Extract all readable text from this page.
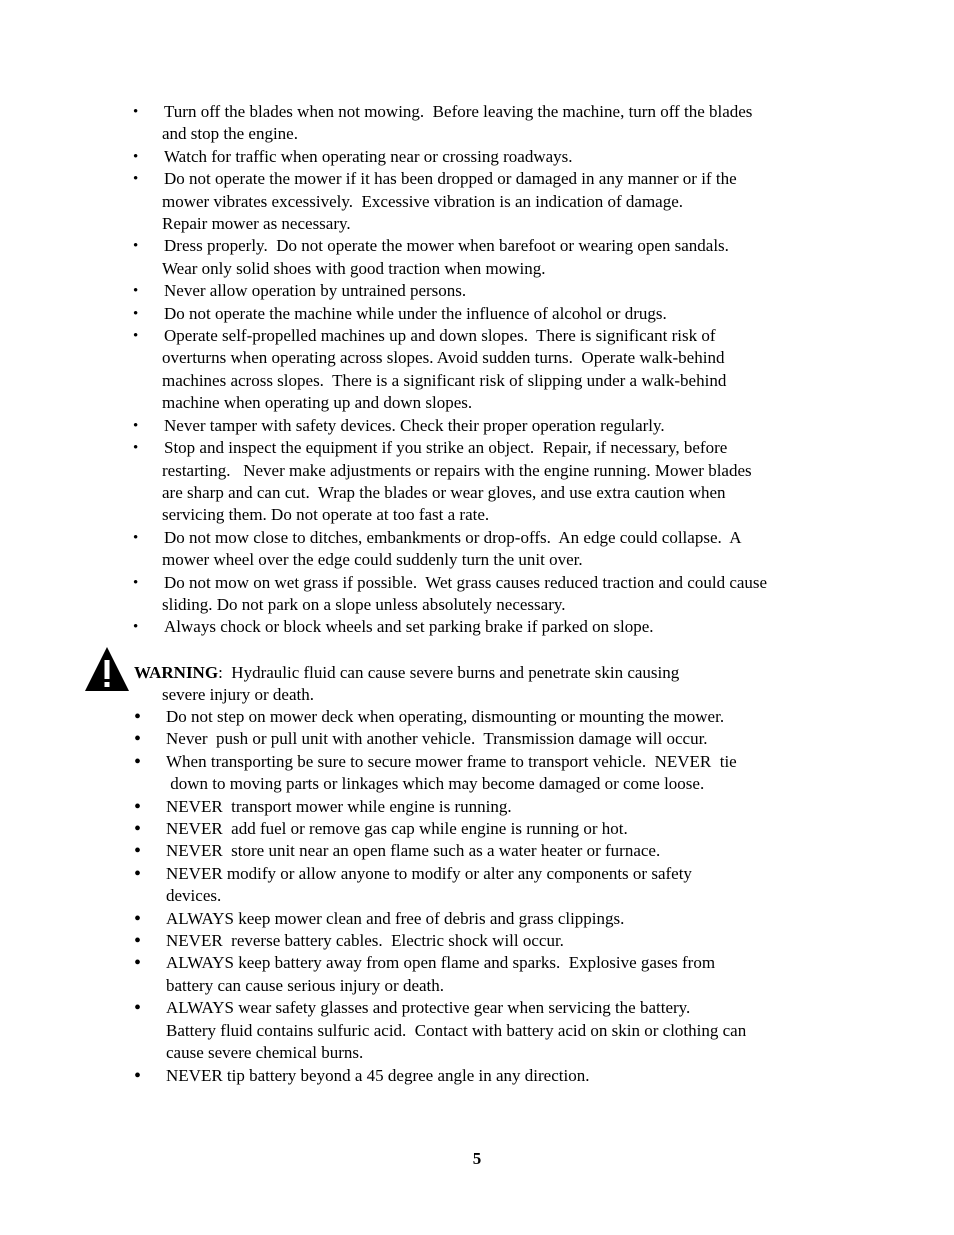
• Turn off the blades when not mowing.  Before leaving the machine, turn off the blades
and stop the engine.
• Watch for traffic when operating near or crossing roadways.
• Do not operate the mower if it has been dropped or damaged in any manner or if the
mower vibrates excessively.  Excessive vibration is an indication of damage.
Repair mower as necessary.
• Dress properly.  Do not operate the mower when barefoot or wearing open sandals.
Wear only solid shoes with good traction when mowing.
• Never allow operation by untrained persons.
• Do not operate the machine while under the influence of alcohol or drugs.
• Operate self-propelled machines up and down slopes.  There is significant risk of
overturns when operating across slopes. Avoid sudden turns.  Operate walk-behind
machines across slopes.  There is a significant risk of slipping under a walk-behind
machine when operating up and down slopes.
• Never tamper with safety devices. Check their proper operation regularly.
• Stop and inspect the equipment if you strike an object.  Repair, if necessary, before
restarting.   Never make adjustments or repairs with the engine running. Mower blades
are sharp and can cut.  Wrap the blades or wear gloves, and use extra caution when
servicing them. Do not operate at too fast a rate.
• Do not mow close to ditches, embankments or drop-offs.  An edge could collapse.  A
mower wheel over the edge could suddenly turn the unit over.
• Do not mow on wet grass if possible.  Wet grass causes reduced traction and could cause
sliding. Do not park on a slope unless absolutely necessary.
• Always chock or block wheels and set parking brake if parked on slope.
WARNING:  Hydraulic fluid can cause severe burns and penetrate skin causing
severe injury or death.
• Do not step on mower deck when operating, dismounting or mounting the mower.
• Never  push or pull unit with another vehicle.  Transmission damage will occur.
• When transporting be sure to secure mower frame to transport vehicle.  NEVER  tie
down to moving parts or linkages which may become damaged or come loose.
• NEVER  transport mower while engine is running.
• NEVER  add fuel or remove gas cap while engine is running or hot.
• NEVER  store unit near an open flame such as a water heater or furnace.
• NEVER modify or allow anyone to modify or alter any components or safety
devices.
• ALWAYS keep mower clean and free of debris and grass clippings.
• NEVER  reverse battery cables.  Electric shock will occur.
• ALWAYS keep battery away from open flame and sparks.  Explosive gases from
battery can cause serious injury or death.
• ALWAYS wear safety glasses and protective gear when servicing the battery.
Battery fluid contains sulfuric acid.  Contact with battery acid on skin or clothing can
cause severe chemical burns.
• NEVER tip battery beyond a 45 degree angle in any direction.
5
